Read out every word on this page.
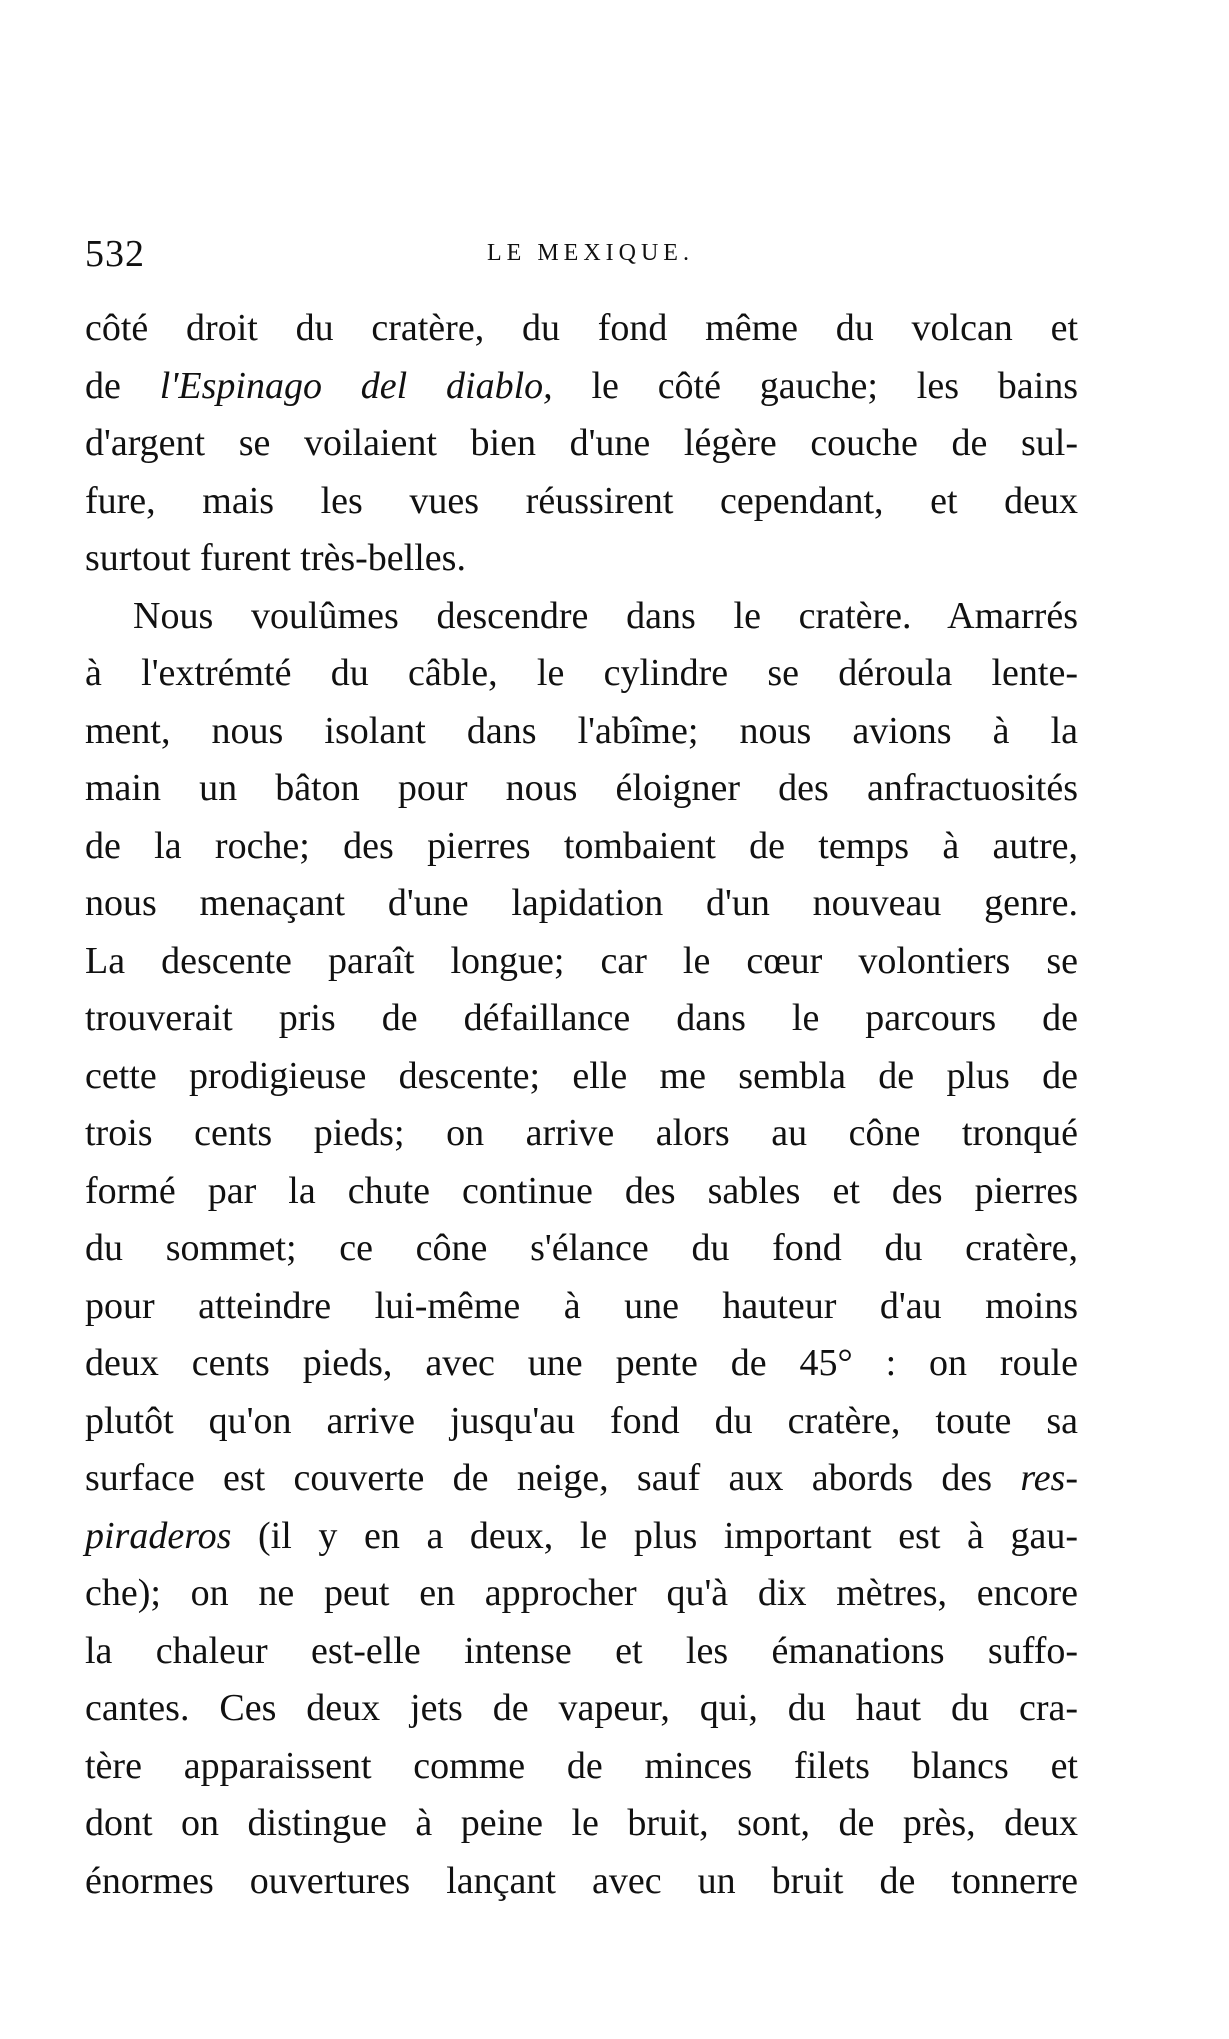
532	LE MEXIQUE.
côté droit du cratère, du fond même du volcan et
de l'Espinago del diablo, le côté gauche; les bains
d'argent se voilaient bien d'une légère couche de sul-
fure, mais les vues réussirent cependant, et deux
surtout furent très-belles.
Nous voulûmes descendre dans le cratère. Amarrés
à l'extrémté du câble, le cylindre se déroula lente-
ment, nous isolant dans l'abîme; nous avions à la
main un bâton pour nous éloigner des anfractuosités
de la roche; des pierres tombaient de temps à autre,
nous menaçant d'une lapidation d'un nouveau genre.
La descente paraît longue; car le cœur volontiers se
trouverait pris de défaillance dans le parcours de
cette prodigieuse descente; elle me sembla de plus de
trois cents pieds; on arrive alors au cône tronqué
formé par la chute continue des sables et des pierres
du sommet; ce cône s'élance du fond du cratère,
pour atteindre lui-même à une hauteur d'au moins
deux cents pieds, avec une pente de 45° : on roule
plutôt qu'on arrive jusqu'au fond du cratère, toute sa
surface est couverte de neige, sauf aux abords des res-
piraderos (il y en a deux, le plus important est à gau-
che); on ne peut en approcher qu'à dix mètres, encore
la chaleur est-elle intense et les émanations suffo-
cantes. Ces deux jets de vapeur, qui, du haut du cra-
tère apparaissent comme de minces filets blancs et
dont on distingue à peine le bruit, sont, de près, deux
énormes ouvertures lançant avec un bruit de tonnerre
